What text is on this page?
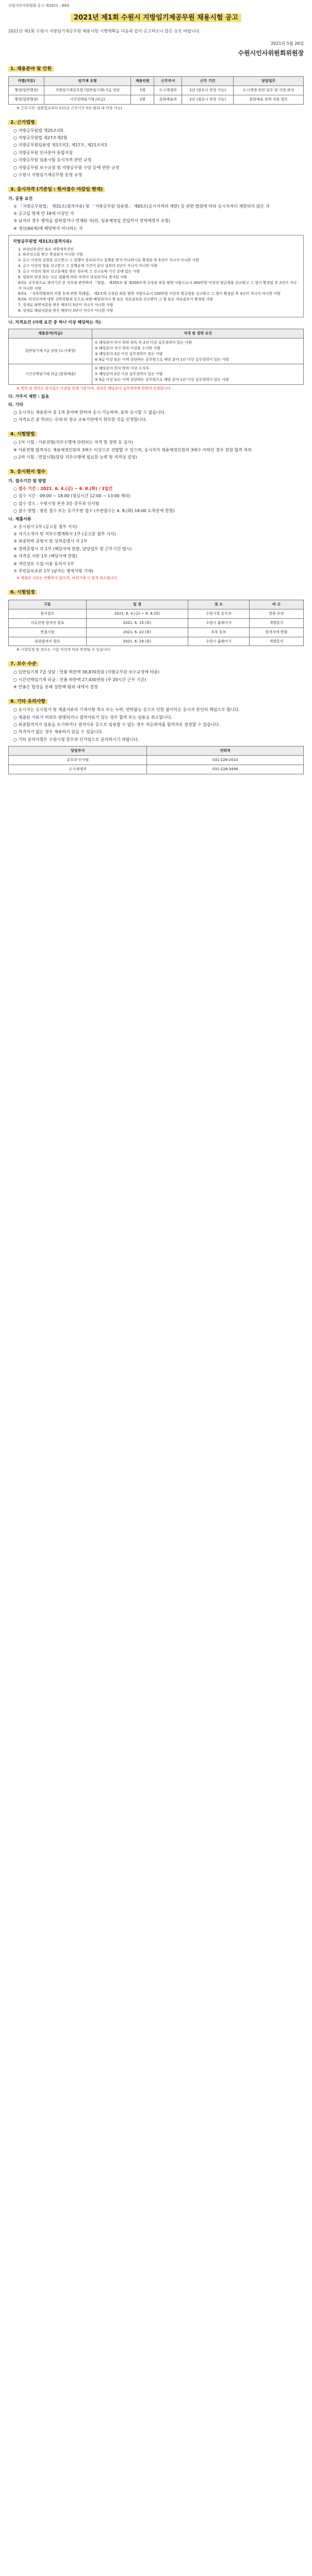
수원시인사위원회 공고 제2021 - 89호
2021년 제1회 수원시 지방임기제공무원 채용시험 공고
2021년 제1회 수원시 지방임기제공무원 채용시험 시행계획을 다음과 같이 공고하오니 많은 응모 바랍니다.
2021년 5월 26일
수원시인사위원회위원장
1. 채용분야 및 인원
직렬(직류)	임기제 유형	채용인원	근무부서	근무 기간	담당업무
행정(일반행정)	지방임기제공무원 (일반임기제) 7급 상당	1명	도시재생과	2년 (필요시 연장 가능)	도시재생 관련 업무 및 사업 관리
행정(일반행정)	시간선택임기제 (라급)	1명	문화예술과	2년 (필요시 연장 가능)	문화예술 정책 지원 업무
※ 근무기간: 임용일로부터 2년(총 근무기간 5년 범위 내 연장 가능)
2. 근거법령
○ 지방공무원법 제25조의5
○ 지방공무원법 제27조제2항
○ 지방공무원임용령 제3조의2, 제17조, 제21조의3
○ 지방공무원 인사분야 통합지침
○ 지방공무원 임용시험 응시자격 관련 규정
○ 지방공무원 보수규정 및 지방공무원 수당 등에 관한 규정
○ 수원시 지방임기제공무원 운영 규정
3. 응시자격 (기준일 : 원서접수 마감일 현재)
가. 공통 요건
① 「지방공무원법」 제31조(결격사유) 및 「지방공무원 임용령」 제65조(응시자격의 제한) 등 관련 법령에 따라 응시자격이 제한되지 않은 자
② 공고일 현재 만 18세 이상인 자
③ 남자의 경우 병역을 필하였거나 면제된 자(단, 임용예정일 전일까지 전역예정자 포함)
④ 정년(60세)에 해당하지 아니하는 자
지방공무원법 제31조(결격사유)
1. 피성년후견인 또는 피한정후견인
2. 파산선고를 받고 복권되지 아니한 사람
3. 금고 이상의 실형을 선고받고 그 집행이 종료되거나 집행을 받지 아니하기로 확정된 후 5년이 지나지 아니한 사람
4. 금고 이상의 형을 선고받고 그 집행유예 기간이 끝난 날부터 2년이 지나지 아니한 사람
5. 금고 이상의 형의 선고유예를 받은 경우에 그 선고유예 기간 중에 있는 사람
6. 법원의 판결 또는 다른 법률에 따라 자격이 상실되거나 정지된 사람
6의2. 공무원으로 재직기간 중 직무와 관련하여 「형법」 제355조 및 제356조에 규정된 죄를 범한 사람으로서 300만원 이상의 벌금형을 선고받고 그 형이 확정된 후 2년이 지나지 아니한 사람
6의3. 「성폭력범죄의 처벌 등에 관한 특례법」 제2조에 규정된 죄를 범한 사람으로서 100만원 이상의 벌금형을 선고받고 그 형이 확정된 후 3년이 지나지 아니한 사람
6의4. 미성년자에 대한 성폭력범죄 등으로 파면·해임되거나 형 또는 치료감호를 선고받아 그 형 또는 치료감호가 확정된 사람
7. 징계로 파면처분을 받은 때부터 5년이 지나지 아니한 사람
8. 징계로 해임처분을 받은 때부터 3년이 지나지 아니한 사람
나. 자격요건 (아래 요건 중 하나 이상 해당하는 자)
채용분야(직급)	자격 및 경력 요건
일반임기제 7급 상당 (도시재생)	① 해당분야 학사 학위 취득 후 2년 이상 실무경력이 있는 사람
② 해당분야 석사 학위 이상을 소지한 사람
③ 해당분야 3년 이상 실무경력이 있는 사람
④ 8급 이상 또는 이에 상당하는 공무원으로 해당 분야 1년 이상 실무경력이 있는 사람
시간선택임기제 라급 (문화예술)	① 해당분야 학사 학위 이상 소지자
② 해당분야 2년 이상 실무경력이 있는 사람
③ 9급 이상 또는 이에 상당하는 공무원으로 해당 분야 1년 이상 실무경력이 있는 사람
※ 학위 및 경력은 원서접수 마감일 현재 기준이며, 경력은 해당분야 실무경력에 한하여 인정합니다.
다. 거주지 제한 : 없음
라. 기타
○ 응시자는 채용분야 중 1개 분야에 한하여 응시 가능하며, 중복 응시할 수 없습니다.
○ 자격요건 중 학위는 국내·외 정규 교육기관에서 취득한 것을 인정합니다.
4. 시험방법
○ 1차 시험 : 서류전형(직무수행에 관련되는 자격 및 경력 등 심사)
※ 서류전형 합격자는 채용예정인원의 3배수 이상으로 선발할 수 있으며, 응시자가 채용예정인원의 3배수 이하인 경우 전원 합격 처리
○ 2차 시험 : 면접시험(담당 직무수행에 필요한 능력 및 적격성 검정)
5. 응시원서 접수
가. 접수기간 및 방법
○ 접수 기간 : 2021. 6. 4.(금) ~ 6. 8.(화) / 3일간
○ 접수 시간 : 09:00 ~ 18:00 (점심시간 12:00 ~ 13:00 제외)
○ 접수 장소 : 수원시청 본관 3층 총무과 인사팀
○ 접수 방법 : 방문 접수 또는 등기우편 접수 (우편접수는 6. 8.(화) 18:00 도착분에 한함)
나. 제출서류
① 응시원서 1부 (공고문 첨부 서식)
② 자기소개서 및 직무수행계획서 1부 (공고문 첨부 서식)
③ 최종학력 증명서 및 성적증명서 각 1부
④ 경력증명서 각 1부 (해당자에 한함, 담당업무 및 근무기간 명시)
⑤ 자격증 사본 1부 (해당자에 한함)
⑥ 개인정보 수집·이용 동의서 1부
⑦ 주민등록초본 1부 (남자는 병적사항 기재)
※ 제출된 서류는 반환하지 않으며, 허위기재 시 합격 취소됩니다.
6. 시험일정
구분	일 정	장 소	비 고
원서접수	2021. 6. 4.(금) ~ 6. 8.(화)	수원시청 총무과	방문·우편
서류전형 합격자 발표	2021. 6. 15.(화)	수원시 홈페이지	개별통지
면접시험	2021. 6. 22.(화)	추후 통보	합격자에 한함
최종합격자 발표	2021. 6. 29.(화)	수원시 홈페이지	개별통지
※ 시험일정 및 장소는 시험 여건에 따라 변경될 수 있습니다.
7. 보수 수준
○ 일반임기제 7급 상당 : 연봉 하한액 38,870천원 (지방공무원 보수규정에 따름)
○ 시간선택임기제 라급 : 연봉 하한액 27,430천원 (주 20시간 근무 기준)
※ 연봉은 협상을 통해 상한액 범위 내에서 결정
8. 기타 유의사항
○ 응시자는 응시원서 및 제출서류의 기재사항 착오 또는 누락, 연락불능 등으로 인한 불이익은 응시자 본인의 책임으로 합니다.
○ 제출된 서류가 허위로 판명되거나 결격사유가 있는 경우 합격 또는 임용을 취소합니다.
○ 최종합격자가 임용을 포기하거나 결격사유 등으로 임용할 수 없는 경우 차순위자를 합격자로 결정할 수 있습니다.
○ 적격자가 없는 경우 채용하지 않을 수 있습니다.
○ 기타 문의사항은 수원시청 총무과 인사팀으로 문의하시기 바랍니다.
담당부서	연락처
총무과 인사팀	031-228-2010
도시재생과	031-228-3456
